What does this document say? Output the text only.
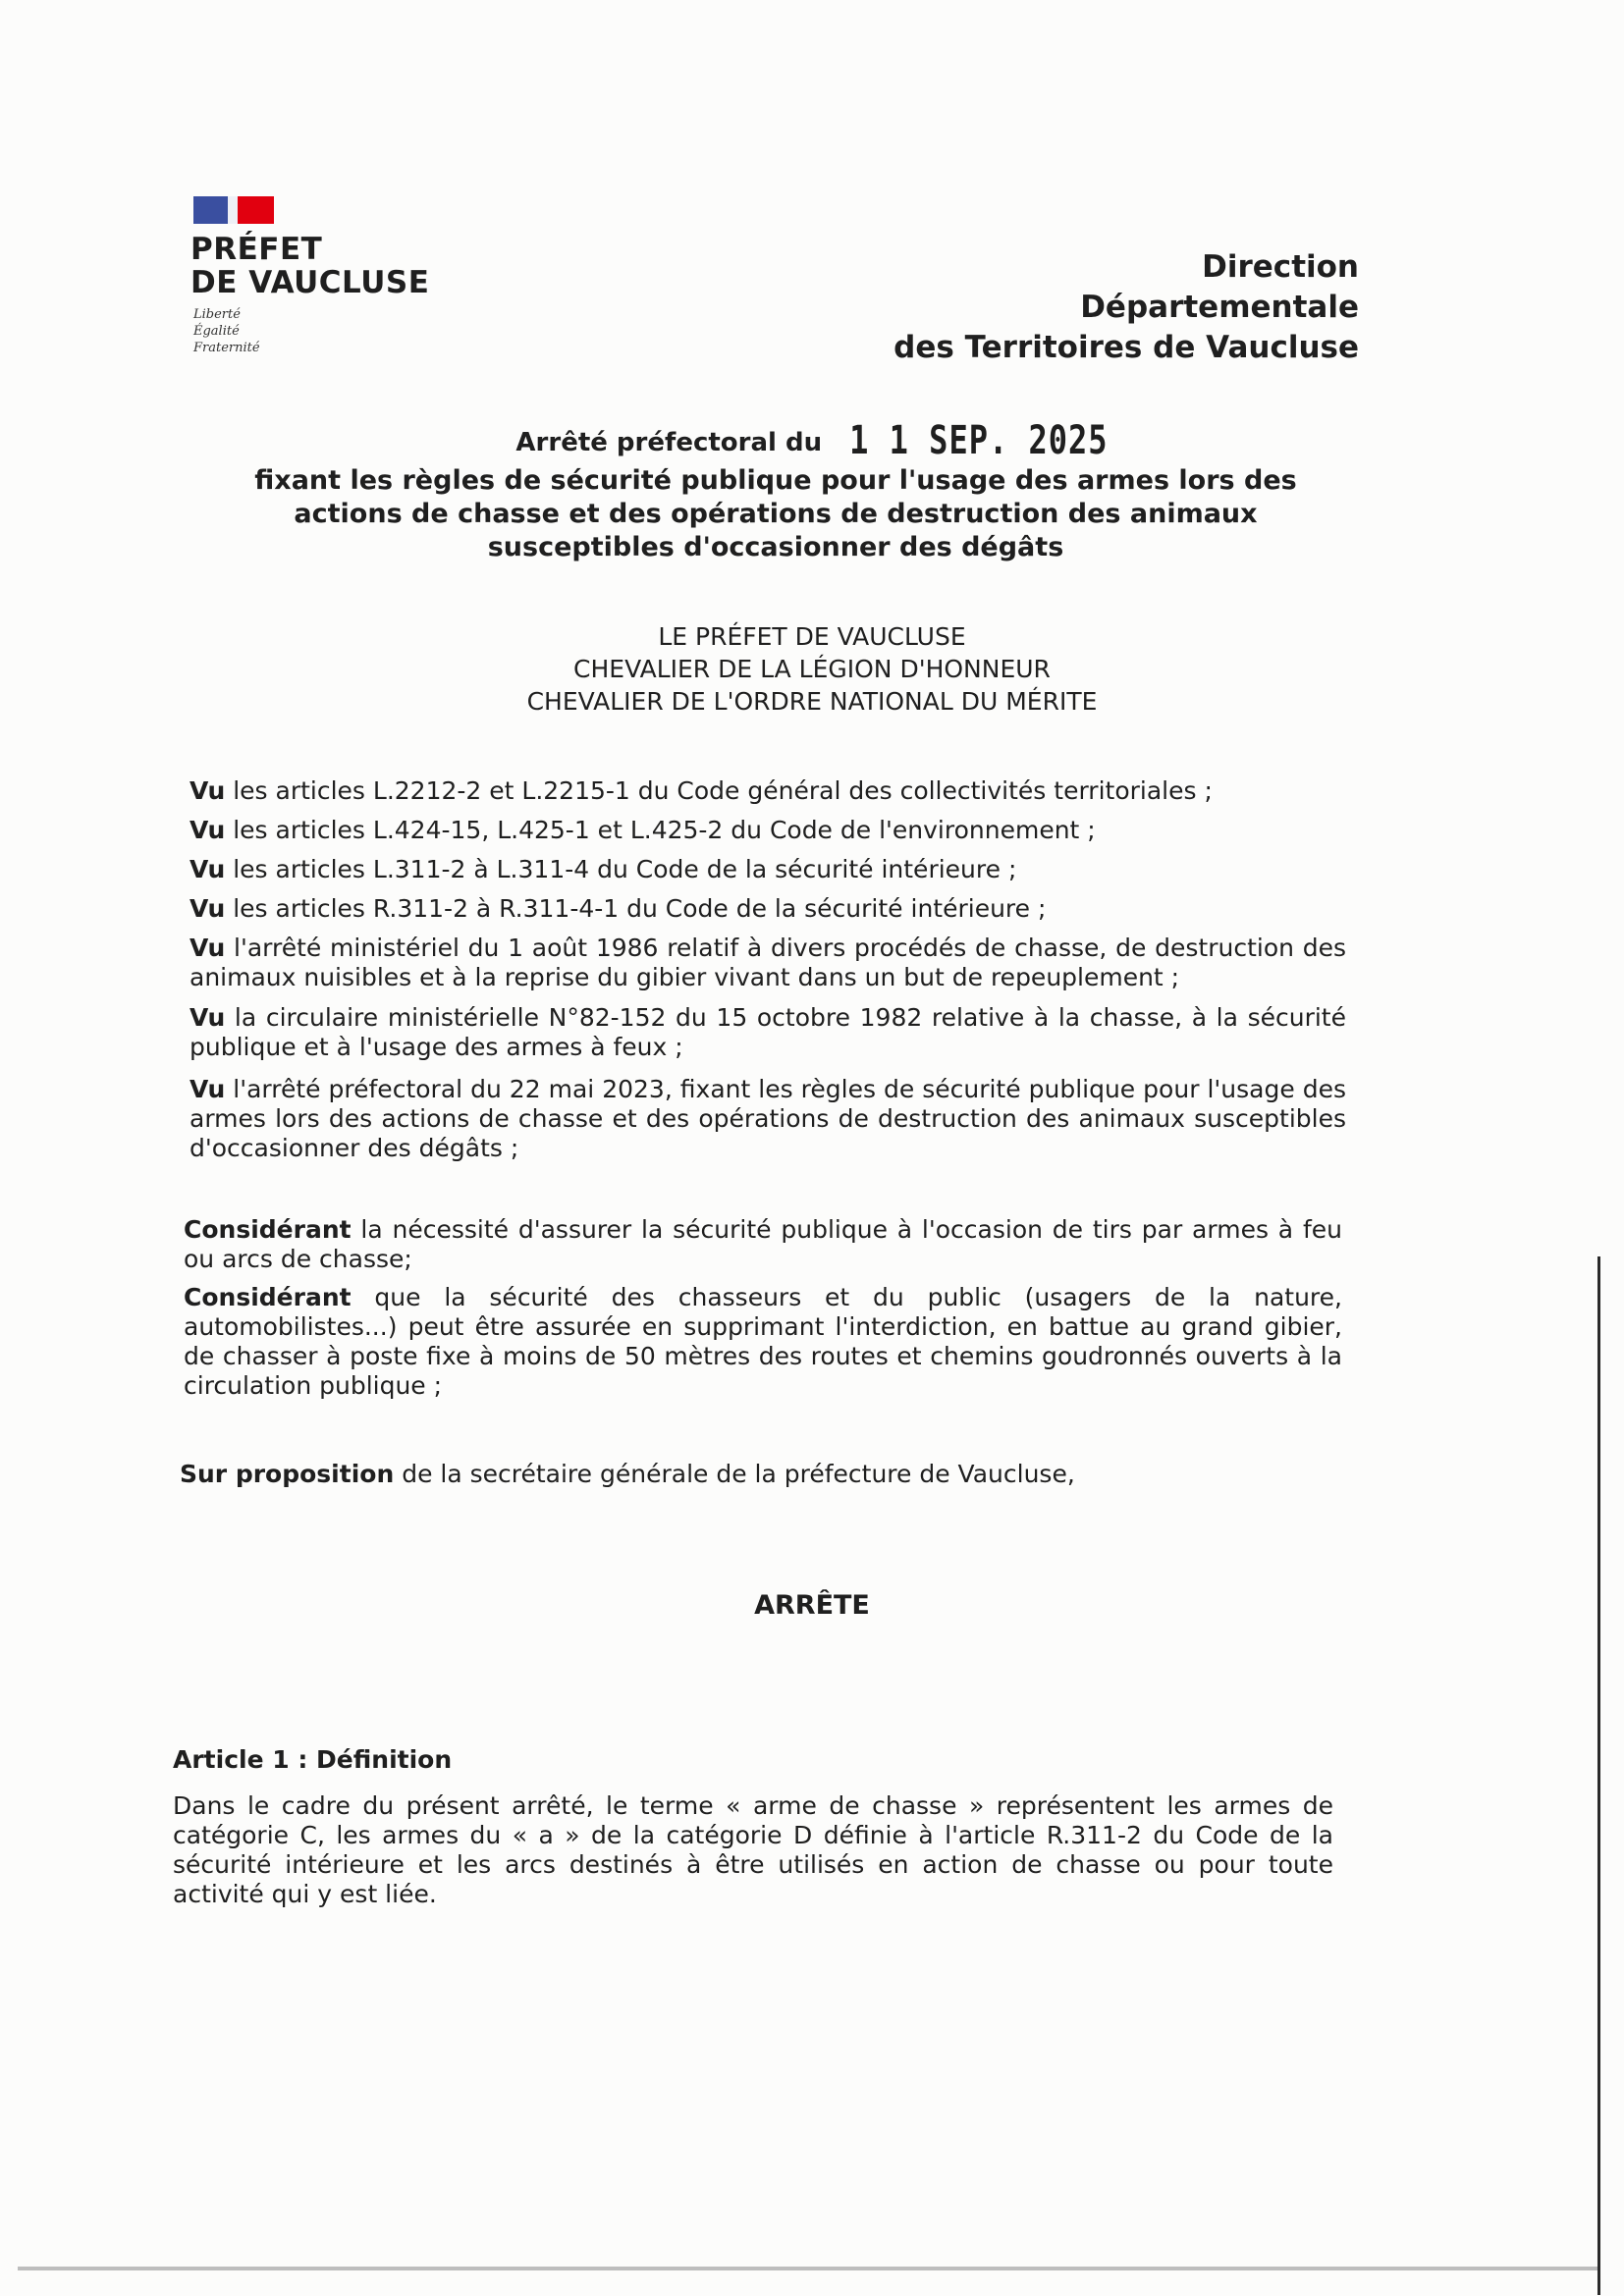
PRÉFET
DE VAUCLUSE
Liberté
Égalité
Fraternité
Direction
Départementale
des Territoires de Vaucluse
Arrêté préfectoral du 1 1 SEP. 2025
fixant les règles de sécurité publique pour l'usage des armes lors des actions de chasse et des opérations de destruction des animaux susceptibles d'occasionner des dégâts
LE PRÉFET DE VAUCLUSE
CHEVALIER DE LA LÉGION D'HONNEUR
CHEVALIER DE L'ORDRE NATIONAL DU MÉRITE
Vu les articles L.2212-2 et L.2215-1 du Code général des collectivités territoriales ;
Vu les articles L.424-15, L.425-1 et L.425-2 du Code de l'environnement ;
Vu les articles L.311-2 à L.311-4 du Code de la sécurité intérieure ;
Vu les articles R.311-2 à R.311-4-1 du Code de la sécurité intérieure ;
Vu l'arrêté ministériel du 1 août 1986 relatif à divers procédés de chasse, de destruction des animaux nuisibles et à la reprise du gibier vivant dans un but de repeuplement ;
Vu la circulaire ministérielle N°82-152 du 15 octobre 1982 relative à la chasse, à la sécurité publique et à l'usage des armes à feux ;
Vu l'arrêté préfectoral du 22 mai 2023, fixant les règles de sécurité publique pour l'usage des armes lors des actions de chasse et des opérations de destruction des animaux susceptibles d'occasionner des dégâts ;
Considérant la nécessité d'assurer la sécurité publique à l'occasion de tirs par armes à feu ou arcs de chasse;
Considérant que la sécurité des chasseurs et du public (usagers de la nature, automobilistes...) peut être assurée en supprimant l'interdiction, en battue au grand gibier, de chasser à poste fixe à moins de 50 mètres des routes et chemins goudronnés ouverts à la circulation publique ;
Sur proposition de la secrétaire générale de la préfecture de Vaucluse,
ARRÊTE
Article 1 : Définition
Dans le cadre du présent arrêté, le terme « arme de chasse » représentent les armes de catégorie C, les armes du « a » de la catégorie D définie à l'article R.311-2 du Code de la sécurité intérieure et les arcs destinés à être utilisés en action de chasse ou pour toute activité qui y est liée.
